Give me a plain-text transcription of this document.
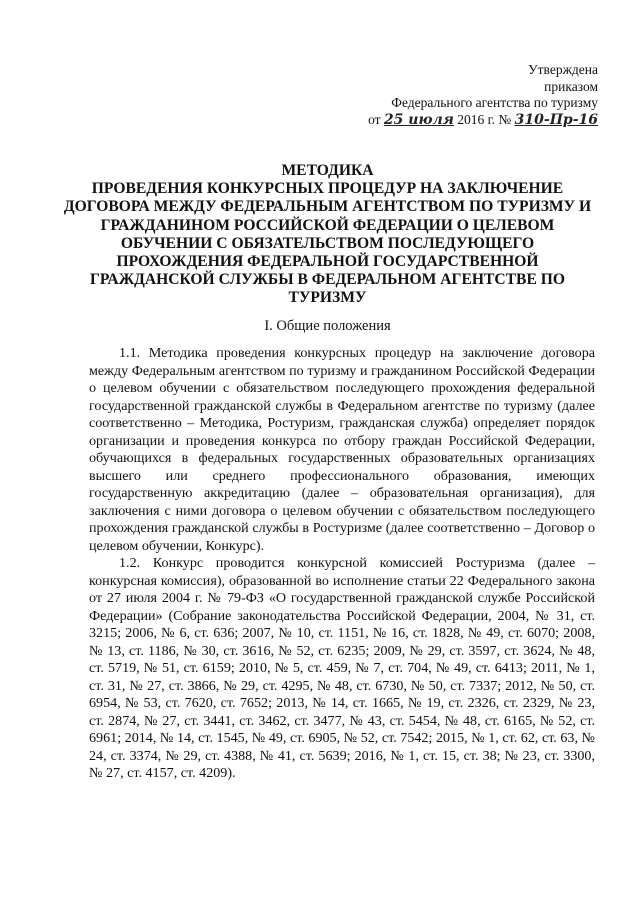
Утверждена
приказом
Федерального агентства по туризму
от 25 июля 2016 г. № 310-Пр-16
МЕТОДИКА
ПРОВЕДЕНИЯ КОНКУРСНЫХ ПРОЦЕДУР НА ЗАКЛЮЧЕНИЕ ДОГОВОРА МЕЖДУ ФЕДЕРАЛЬНЫМ АГЕНТСТВОМ ПО ТУРИЗМУ И ГРАЖДАНИНОМ РОССИЙСКОЙ ФЕДЕРАЦИИ О ЦЕЛЕВОМ ОБУЧЕНИИ С ОБЯЗАТЕЛЬСТВОМ ПОСЛЕДУЮЩЕГО ПРОХОЖДЕНИЯ ФЕДЕРАЛЬНОЙ ГОСУДАРСТВЕННОЙ ГРАЖДАНСКОЙ СЛУЖБЫ В ФЕДЕРАЛЬНОМ АГЕНТСТВЕ ПО ТУРИЗМУ
I. Общие положения

1.1. Методика проведения конкурсных процедур на заключение договора между Федеральным агентством по туризму и гражданином Российской Федерации о целевом обучении с обязательством последующего прохождения федеральной государственной гражданской службы в Федеральном агентстве по туризму (далее соответственно – Методика, Ростуризм, гражданская служба) определяет порядок организации и проведения конкурса по отбору граждан Российской Федерации, обучающихся в федеральных государственных образовательных организациях высшего или среднего профессионального образования, имеющих государственную аккредитацию (далее – образовательная организация), для заключения с ними договора о целевом обучении с обязательством последующего прохождения гражданской службы в Ростуризме (далее соответственно – Договор о целевом обучении, Конкурс).

1.2. Конкурс проводится конкурсной комиссией Ростуризма (далее – конкурсная комиссия), образованной во исполнение статьи 22 Федерального закона от 27 июля 2004 г. № 79-ФЗ «О государственной гражданской службе Российской Федерации» (Собрание законодательства Российской Федерации, 2004, № 31, ст. 3215; 2006, № 6, ст. 636; 2007, № 10, ст. 1151, № 16, ст. 1828, № 49, ст. 6070; 2008, № 13, ст. 1186, № 30, ст. 3616, № 52, ст. 6235; 2009, № 29, ст. 3597, ст. 3624, № 48, ст. 5719, № 51, ст. 6159; 2010, № 5, ст. 459, № 7, ст. 704, № 49, ст. 6413; 2011, № 1, ст. 31, № 27, ст. 3866, № 29, ст. 4295, № 48, ст. 6730, № 50, ст. 7337; 2012, № 50, ст. 6954, № 53, ст. 7620, ст. 7652; 2013, № 14, ст. 1665, № 19, ст. 2326, ст. 2329, № 23, ст. 2874, № 27, ст. 3441, ст. 3462, ст. 3477, № 43, ст. 5454, № 48, ст. 6165, № 52, ст. 6961; 2014, № 14, ст. 1545, № 49, ст. 6905, № 52, ст. 7542; 2015, № 1, ст. 62, ст. 63, № 24, ст. 3374, № 29, ст. 4388, № 41, ст. 5639; 2016, № 1, ст. 15, ст. 38; № 23, ст. 3300, № 27, ст. 4157, ст. 4209).
